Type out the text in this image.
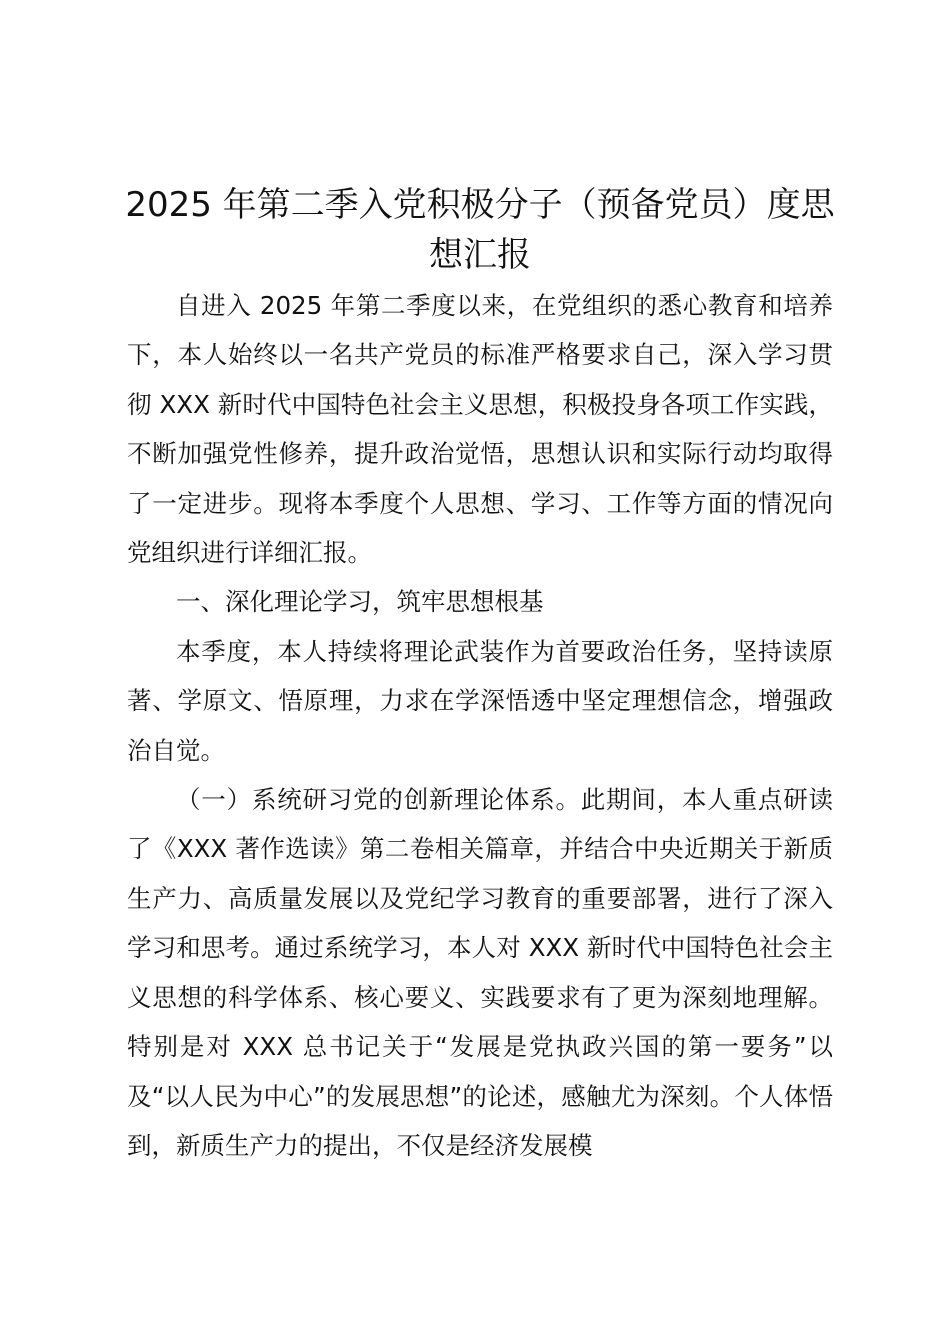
2025 年第二季入党积极分子（预备党员）度思想汇报

自进入 2025 年第二季度以来，在党组织的悉心教育和培养下，本人始终以一名共产党员的标准严格要求自己，深入学习贯彻 XXX 新时代中国特色社会主义思想，积极投身各项工作实践，不断加强党性修养，提升政治觉悟，思想认识和实际行动均取得了一定进步。现将本季度个人思想、学习、工作等方面的情况向党组织进行详细汇报。

一、深化理论学习，筑牢思想根基

本季度，本人持续将理论武装作为首要政治任务，坚持读原著、学原文、悟原理，力求在学深悟透中坚定理想信念，增强政治自觉。

（一）系统研习党的创新理论体系。此期间，本人重点研读了《XXX 著作选读》第二卷相关篇章，并结合中央近期关于新质生产力、高质量发展以及党纪学习教育的重要部署，进行了深入学习和思考。通过系统学习，本人对 XXX 新时代中国特色社会主义思想的科学体系、核心要义、实践要求有了更为深刻地理解。特别是对 XXX 总书记关于“发展是党执政兴国的第一要务”以及“以人民为中心”的发展思想”的论述，感触尤为深刻。个人体悟到，新质生产力的提出，不仅是经济发展模
